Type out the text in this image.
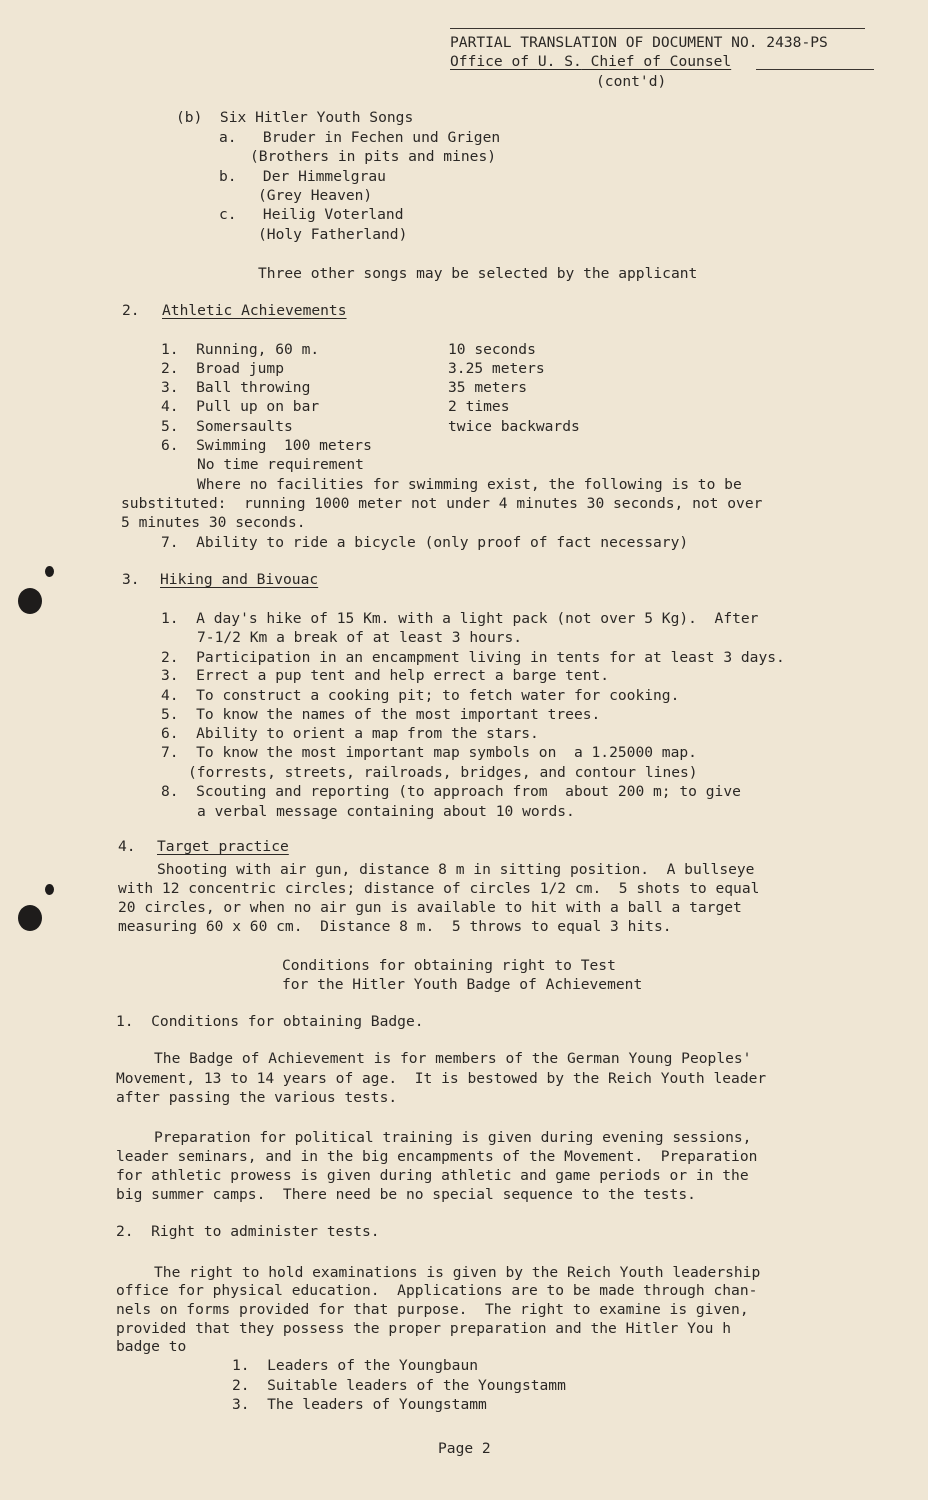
PARTIAL TRANSLATION OF DOCUMENT NO. 2438-PS
Office of U. S. Chief of Counsel
(cont'd)
(b)  Six Hitler Youth Songs
a.   Bruder in Fechen und Grigen
(Brothers in pits and mines)
b.   Der Himmelgrau
(Grey Heaven)
c.   Heilig Voterland
(Holy Fatherland)
Three other songs may be selected by the applicant
2. Athletic Achievements
1.  Running, 60 m.	10 seconds
2.  Broad jump	3.25 meters
3.  Ball throwing	35 meters
4.  Pull up on bar	2 times
5.  Somersaults	twice backwards
6.  Swimming  100 meters
No time requirement
Where no facilities for swimming exist, the following is to be
substituted:  running 1000 meter not under 4 minutes 30 seconds, not over
5 minutes 30 seconds.
7.  Ability to ride a bicycle (only proof of fact necessary)
3. Hiking and Bivouac
1.  A day's hike of 15 Km. with a light pack (not over 5 Kg).  After
7-1/2 Km a break of at least 3 hours.
2.  Participation in an encampment living in tents for at least 3 days.
3.  Errect a pup tent and help errect a barge tent.
4.  To construct a cooking pit; to fetch water for cooking.
5.  To know the names of the most important trees.
6.  Ability to orient a map from the stars.
7.  To know the most important map symbols on  a 1.25000 map.
(forrests, streets, railroads, bridges, and contour lines)
8.  Scouting and reporting (to approach from  about 200 m; to give
a verbal message containing about 10 words.
4. Target practice
Shooting with air gun, distance 8 m in sitting position.  A bullseye
with 12 concentric circles; distance of circles 1/2 cm.  5 shots to equal
20 circles, or when no air gun is available to hit with a ball a target
measuring 60 x 60 cm.  Distance 8 m.  5 throws to equal 3 hits.
Conditions for obtaining right to Test
for the Hitler Youth Badge of Achievement
1.  Conditions for obtaining Badge.
The Badge of Achievement is for members of the German Young Peoples'
Movement, 13 to 14 years of age.  It is bestowed by the Reich Youth leader
after passing the various tests.
Preparation for political training is given during evening sessions,
leader seminars, and in the big encampments of the Movement.  Preparation
for athletic prowess is given during athletic and game periods or in the
big summer camps.  There need be no special sequence to the tests.
2.  Right to administer tests.
The right to hold examinations is given by the Reich Youth leadership
office for physical education.  Applications are to be made through chan-
nels on forms provided for that purpose.  The right to examine is given,
provided that they possess the proper preparation and the Hitler You h
badge to
1.  Leaders of the Youngbaun
2.  Suitable leaders of the Youngstamm
3.  The leaders of Youngstamm
Page 2
